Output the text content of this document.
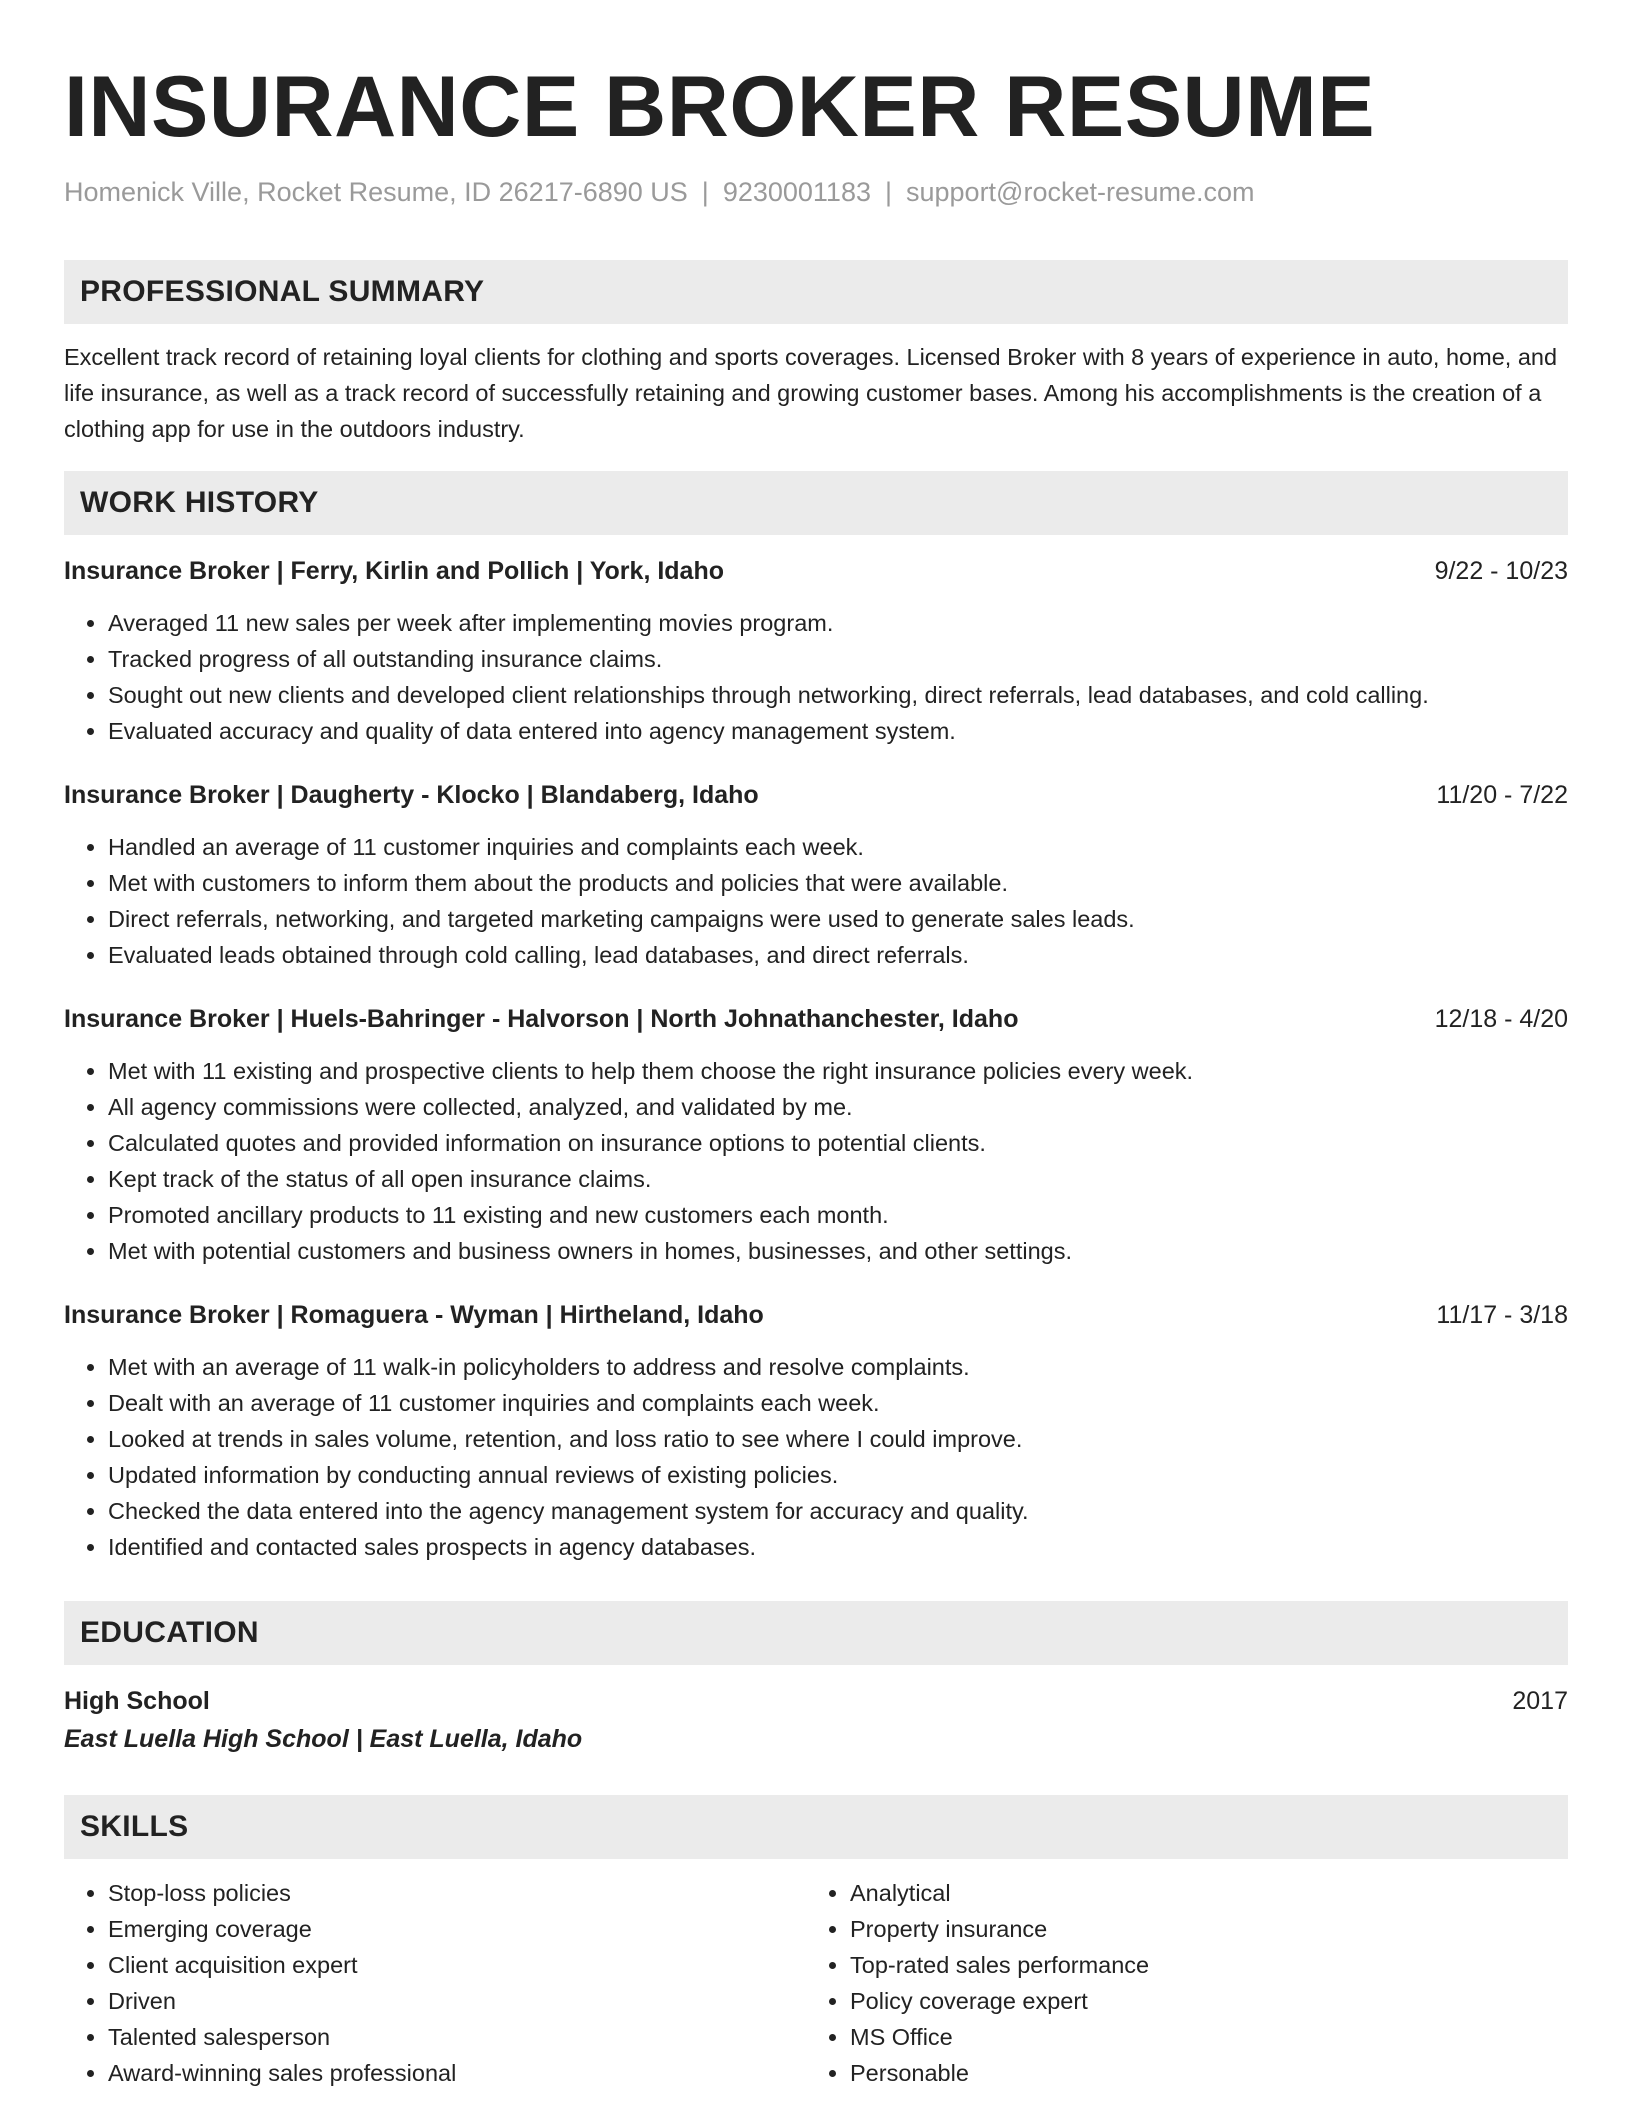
INSURANCE BROKER RESUME
Homenick Ville, Rocket Resume, ID 26217-6890 US | 9230001183 | support@rocket-resume.com
PROFESSIONAL SUMMARY
Excellent track record of retaining loyal clients for clothing and sports coverages. Licensed Broker with 8 years of experience in auto, home, and life insurance, as well as a track record of successfully retaining and growing customer bases. Among his accomplishments is the creation of a clothing app for use in the outdoors industry.
WORK HISTORY
Insurance Broker | Ferry, Kirlin and Pollich | York, Idaho	9/22 - 10/23
• Averaged 11 new sales per week after implementing movies program.
• Tracked progress of all outstanding insurance claims.
• Sought out new clients and developed client relationships through networking, direct referrals, lead databases, and cold calling.
• Evaluated accuracy and quality of data entered into agency management system.
Insurance Broker | Daugherty - Klocko | Blandaberg, Idaho	11/20 - 7/22
• Handled an average of 11 customer inquiries and complaints each week.
• Met with customers to inform them about the products and policies that were available.
• Direct referrals, networking, and targeted marketing campaigns were used to generate sales leads.
• Evaluated leads obtained through cold calling, lead databases, and direct referrals.
Insurance Broker | Huels-Bahringer - Halvorson | North Johnathanchester, Idaho	12/18 - 4/20
• Met with 11 existing and prospective clients to help them choose the right insurance policies every week.
• All agency commissions were collected, analyzed, and validated by me.
• Calculated quotes and provided information on insurance options to potential clients.
• Kept track of the status of all open insurance claims.
• Promoted ancillary products to 11 existing and new customers each month.
• Met with potential customers and business owners in homes, businesses, and other settings.
Insurance Broker | Romaguera - Wyman | Hirtheland, Idaho	11/17 - 3/18
• Met with an average of 11 walk-in policyholders to address and resolve complaints.
• Dealt with an average of 11 customer inquiries and complaints each week.
• Looked at trends in sales volume, retention, and loss ratio to see where I could improve.
• Updated information by conducting annual reviews of existing policies.
• Checked the data entered into the agency management system for accuracy and quality.
• Identified and contacted sales prospects in agency databases.
EDUCATION
High School	2017
East Luella High School | East Luella, Idaho
SKILLS
• Stop-loss policies
• Emerging coverage
• Client acquisition expert
• Driven
• Talented salesperson
• Award-winning sales professional
• Analytical
• Property insurance
• Top-rated sales performance
• Policy coverage expert
• MS Office
• Personable
